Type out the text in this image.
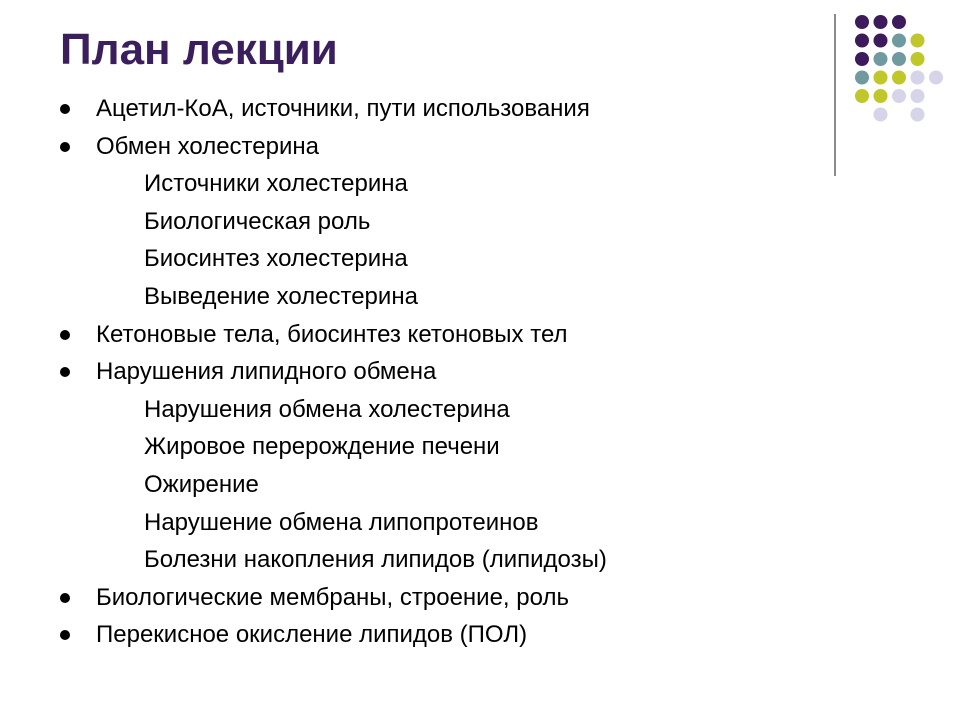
План лекции
Ацетил-КоА, источники, пути использования
Обмен холестерина
Источники холестерина
Биологическая роль
Биосинтез холестерина
Выведение холестерина
Кетоновые тела, биосинтез кетоновых тел
Нарушения липидного обмена
Нарушения обмена холестерина
Жировое перерождение печени
Ожирение
Нарушение обмена липопротеинов
Болезни накопления липидов (липидозы)
Биологические мембраны, строение, роль
Перекисное окисление липидов (ПОЛ)
